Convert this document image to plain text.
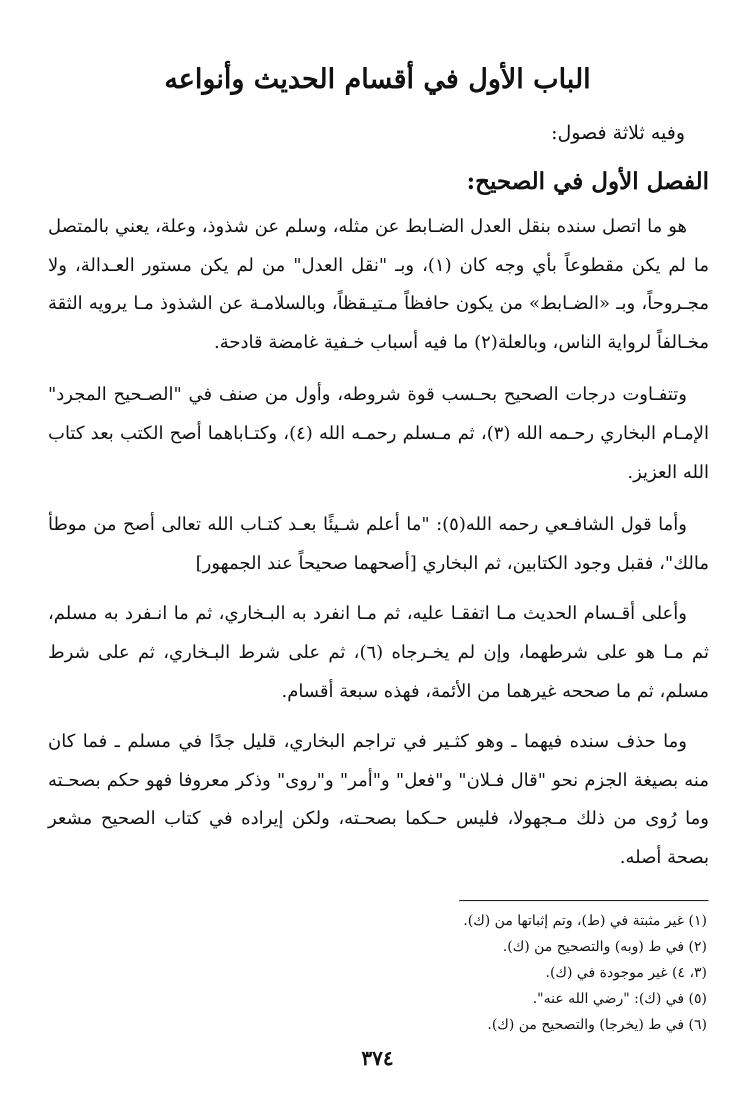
الباب الأول في أقسام الحديث وأنواعه

وفيه ثلاثة فصول:

الفصل الأول في الصحيح:

هو ما اتصل سنده بنقل العدل الضـابط عن مثله، وسلم عن شذوذ، وعلة، يعني بالمتصل ما لم يكن مقطوعاً بأي وجه كان (١)، وبـ "نقل العدل" من لم يكن مستور العـدالة، ولا مجـروحاً، وبـ «الضـابط» من يكون حافظاً مـتيـقظاً، وبالسلامـة عن الشذوذ مـا يرويه الثقة مخـالفاً لرواية الناس، وبالعلة(٢) ما فيه أسباب خـفية غامضة قادحة.

وتتفـاوت درجات الصحيح بحـسب قوة شروطه، وأول من صنف في "الصـحيح المجرد" الإمـام البخاري رحـمه الله (٣)، ثم مـسلم رحمـه الله (٤)، وكتـاباهما أصح الكتب بعد كتاب الله العزيز.

وأما قول الشافـعي رحمه الله(٥): "ما أعلم شـيئًا بعـد كتـاب الله تعالى أصح من موطأ مالك"، فقبل وجود الكتابين، ثم البخاري [أصحهما صحيحاً عند الجمهور]

وأعلى أقـسام الحديث مـا اتفقـا عليه، ثم مـا انفرد به البـخاري، ثم ما انـفرد به مسلم، ثم مـا هو على شرطهما، وإن لم يخـرجاه (٦)، ثم على شرط البـخاري، ثم على شرط مسلم، ثم ما صححه غيرهما من الأئمة، فهذه سبعة أقسام.

وما حذف سنده فيهما ـ وهو كثـير في تراجم البخاري، قليل جدًا في مسلم ـ فما كان منه بصيغة الجزم نحو "قال فـلان" و"فعل" و"أمر" و"روى" وذكر معروفا فهو حكم بصحـته وما رُوى من ذلك مـجهولا، فليس حـكما بصحـته، ولكن إيراده في كتاب الصحيح مشعر بصحة أصله.

(١) غير مثبتة في (ط)، وتم إثباتها من (ك).
(٢) في ط (وبه) والتصحيح من (ك).
(٣، ٤) غير موجودة في (ك).
(٥) في (ك): "رضي الله عنه".
(٦) في ط (يخرجا) والتصحيح من (ك).
٣٧٤
